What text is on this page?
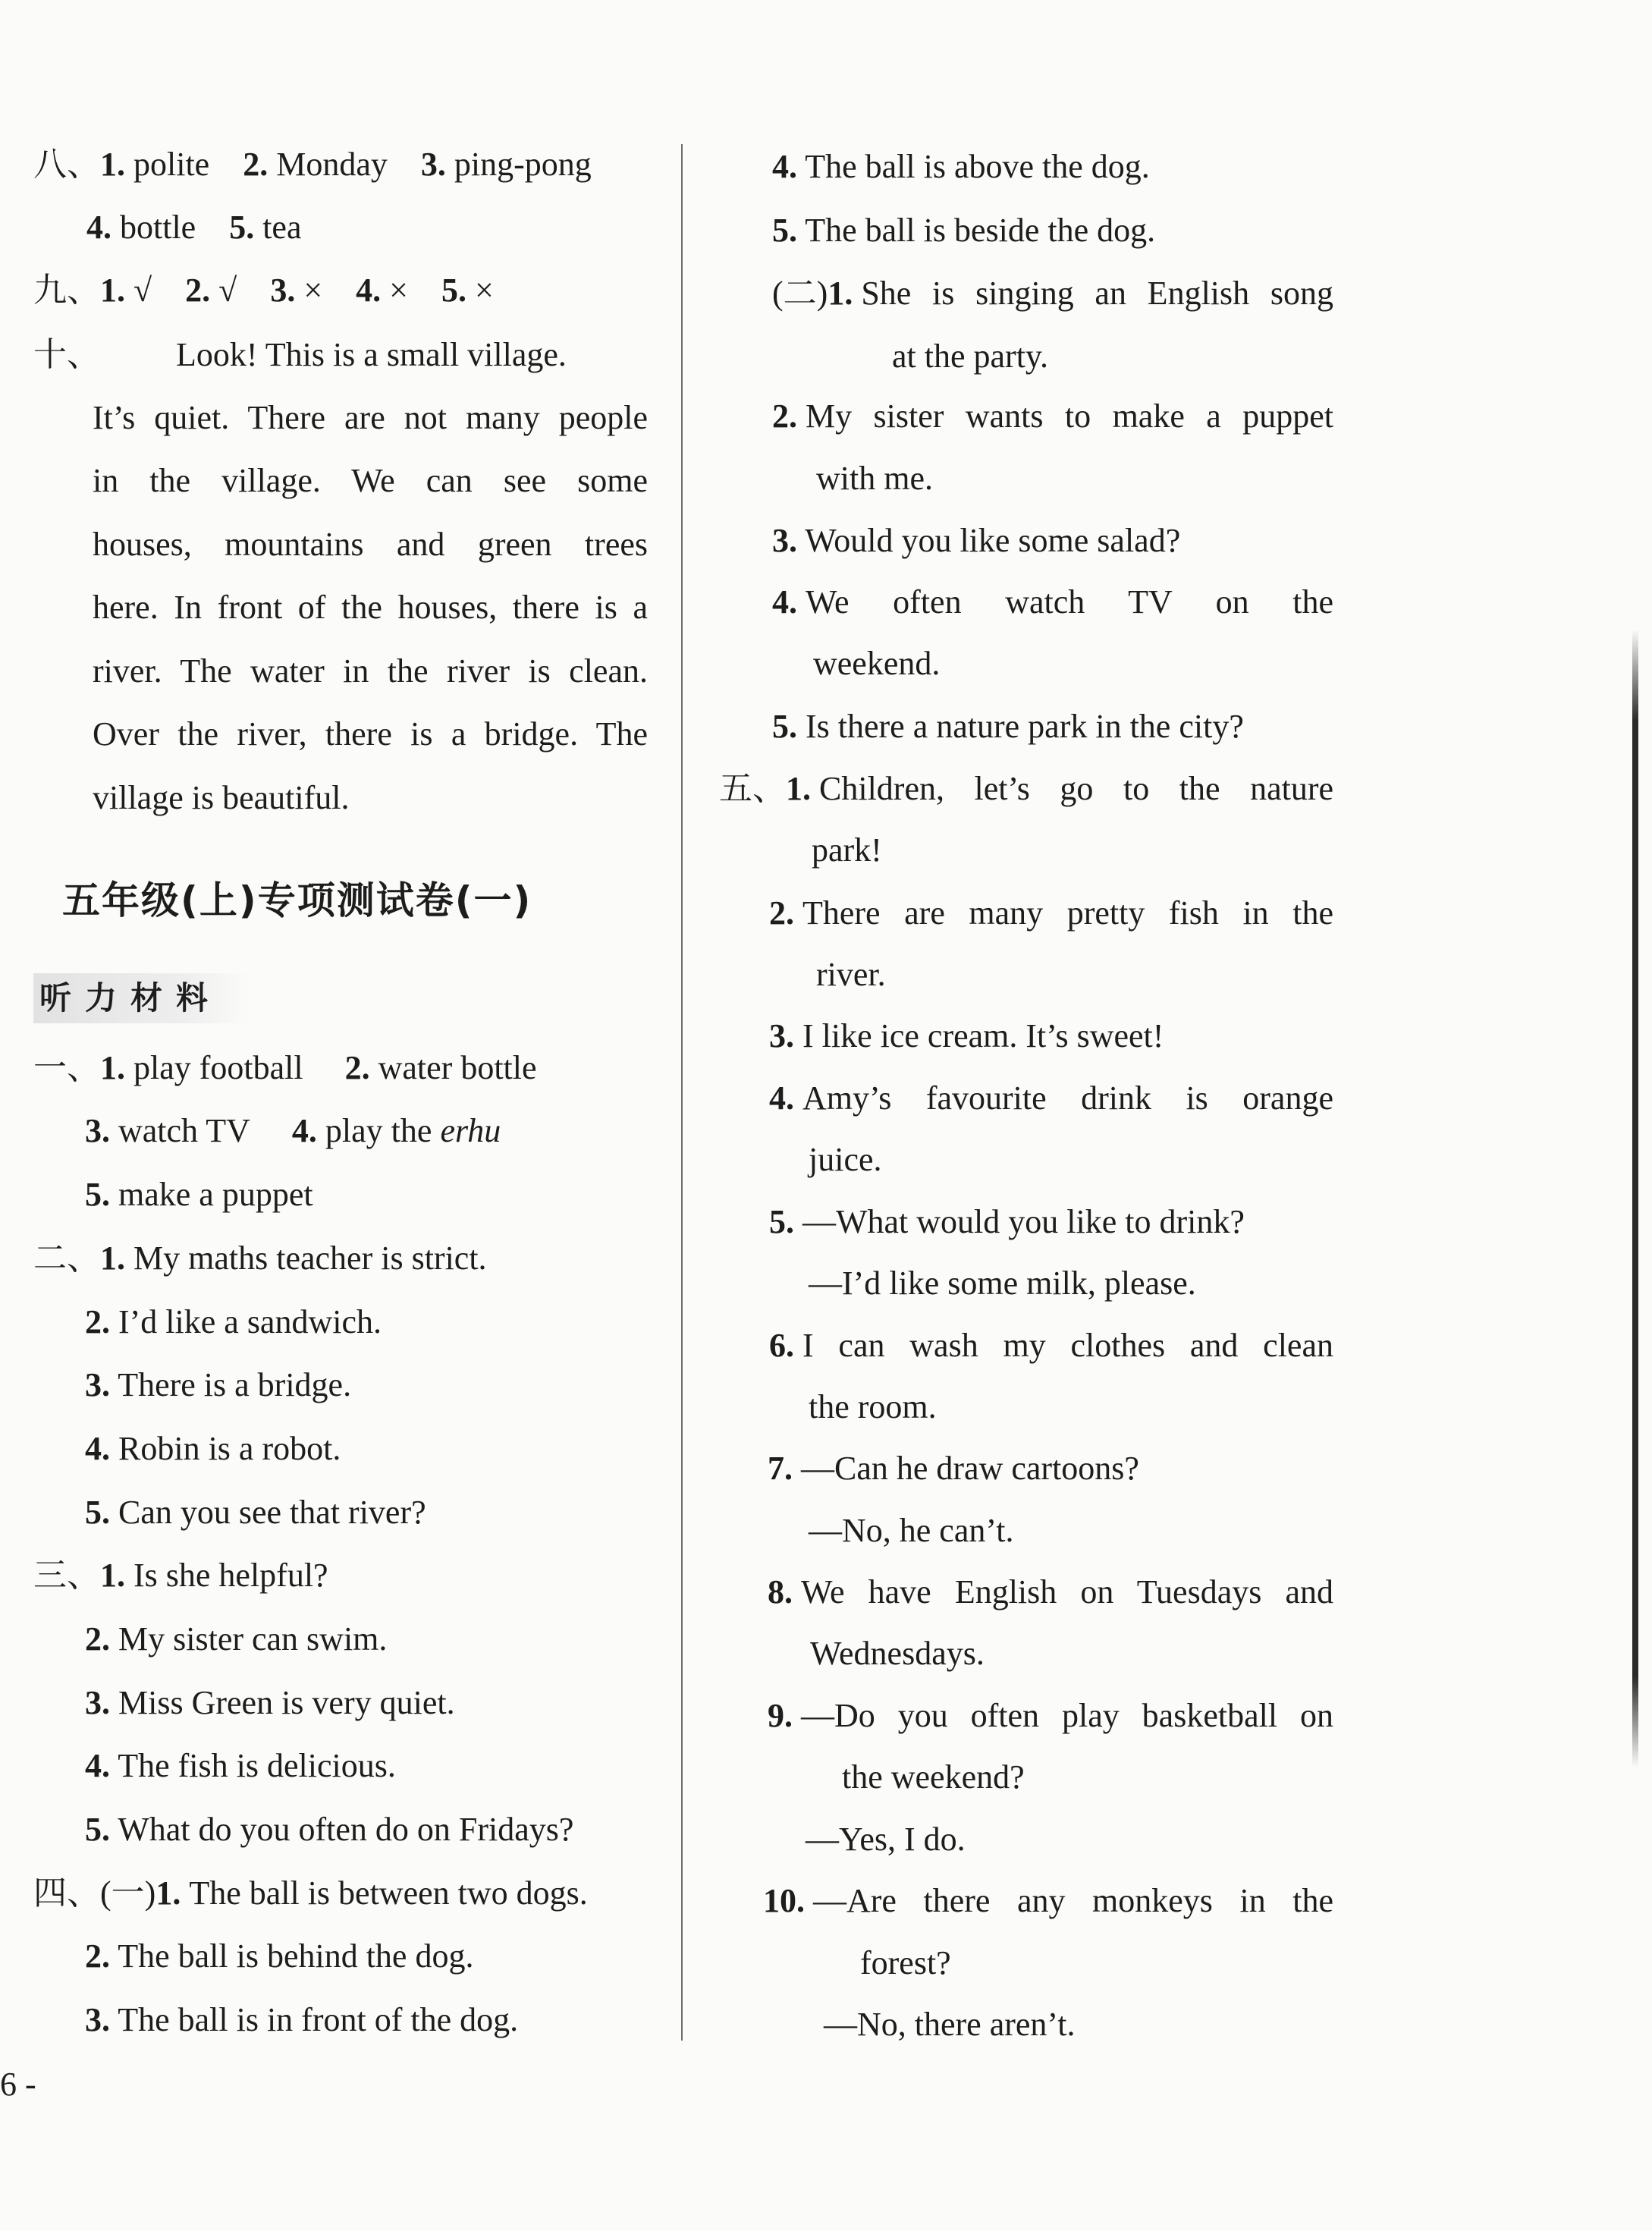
八、1. polite 2. Monday 3. ping-pong
4. bottle 5. tea
九、1. √ 2. √ 3. × 4. × 5. ×
十、 Look! This is a small village.
It’s quiet. There are not many people
in the village. We can see some
houses, mountains and green trees
here. In front of the houses, there is a
river. The water in the river is clean.
Over the river, there is a bridge. The
village is beautiful.
五年级(上)专项测试卷(一)
听力材料
一、1. play football 2. water bottle
3. watch TV 4. play the erhu
5. make a puppet
二、1. My maths teacher is strict.
2. I’d like a sandwich.
3. There is a bridge.
4. Robin is a robot.
5. Can you see that river?
三、1. Is she helpful?
2. My sister can swim.
3. Miss Green is very quiet.
4. The fish is delicious.
5. What do you often do on Fridays?
四、(一)1. The ball is between two dogs.
2. The ball is behind the dog.
3. The ball is in front of the dog.
6 -
4. The ball is above the dog.
5. The ball is beside the dog.
(二) 1.
She is singing an English song
at the party.
2.
My sister wants to make a puppet
with me.
3. Would you like some salad?
4.
We often watch TV on the
weekend.
5. Is there a nature park in the city?
五、 1.
Children, let’s go to the nature
park!
2.
There are many pretty fish in the
river.
3. I like ice cream. It’s sweet!
4.
Amy’s favourite drink is orange
juice.
5. —What would you like to drink?
—I’d like some milk, please.
6.
I can wash my clothes and clean
the room.
7. —Can he draw cartoons?
—No, he can’t.
8.
We have English on Tuesdays and
Wednesdays.
9.
—Do you often play basketball on
the weekend?
—Yes, I do.
10.
—Are there any monkeys in the
forest?
—No, there aren’t.
